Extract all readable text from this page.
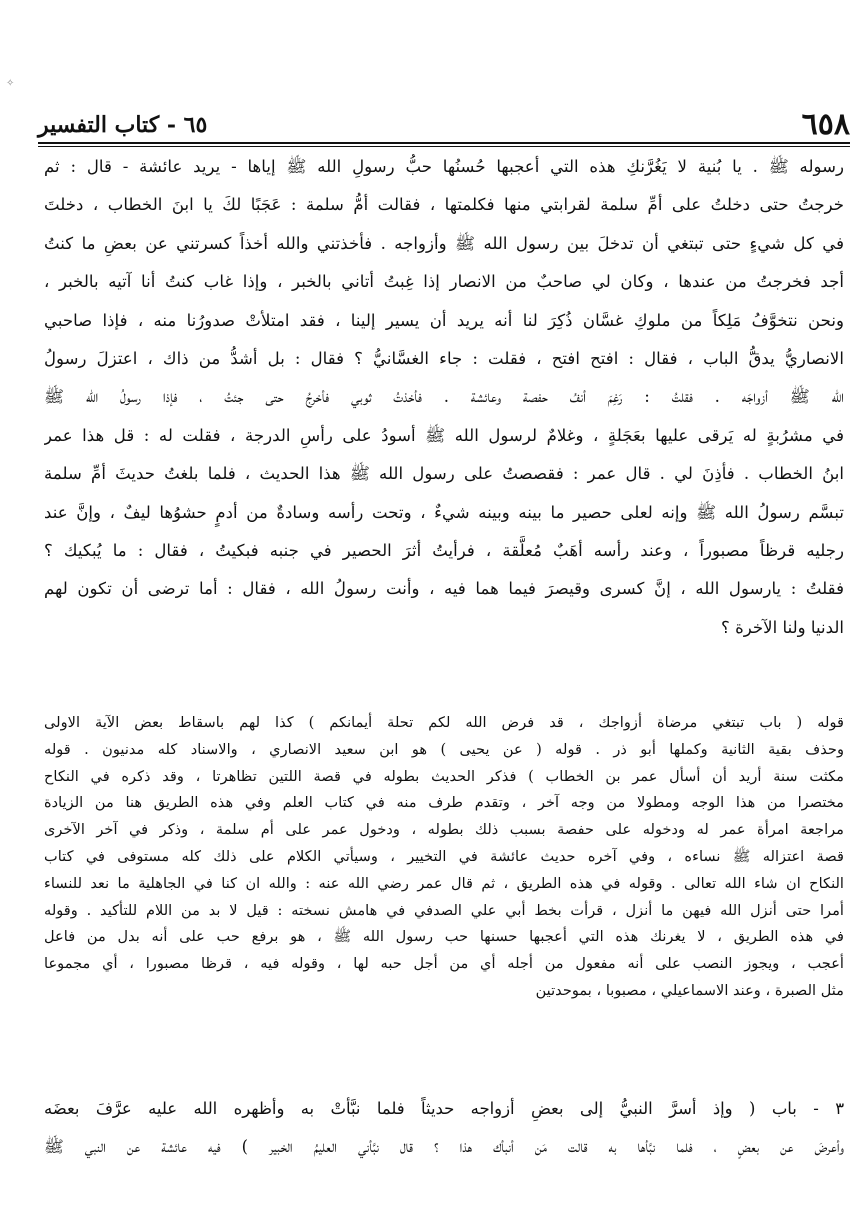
✧
٦٥٨
٦٥ - كتاب التفسير
رسوله ﷺ . يا بُنية لا يَغُرَّنكِ هذه التي أعجبها حُسنُها حبُّ رسولِ الله ﷺ إياها - يريد عائشة - قال : ثم
خرجتُ حتى دخلتُ على أمِّ سلمة لقرابتي منها فكلمتها ، فقالت أمُّ سلمة : عَجَبًا لكَ يا ابنَ الخطاب ، دخلتَ
في كل شيءٍ حتى تبتغي أن تدخلَ بين رسول الله ﷺ وأزواجه . فأخذتني والله أخذاً كسرتني عن بعضِ ما كنتُ
أجد فخرجتُ من عندها ، وكان لي صاحبٌ من الانصار إذا غِبتُ أتاني بالخبر ، وإذا غاب كنتُ أنا آتيه بالخبر ،
ونحن نتخوَّفُ مَلِكاً من ملوكِ غسَّان ذُكِرَ لنا أنه يريد أن يسير إلينا ، فقد امتلأتْ صدورُنا منه ، فإذا صاحبي
الانصاريُّ يدقُّ الباب ، فقال : افتح افتح ، فقلت : جاء الغسَّانيُّ ؟ فقال : بل أشدُّ من ذاك ، اعتزلَ رسولُ
الله ﷺ أزواجَه . فقلتُ : رَغِمَ أنفُ حفصة وعائشة . فأخذتُ ثوبي فأخرجُ حتى جئتُ ، فإذا رسولُ الله ﷺ
في مشرُبةٍ له يَرقى عليها بعَجَلةٍ ، وغلامٌ لرسول الله ﷺ أسودُ على رأسِ الدرجة ، فقلت له : قل هذا عمر
ابنُ الخطاب . فأذِنَ لي . قال عمر : فقصصتُ على رسول الله ﷺ هذا الحديث ، فلما بلغتُ حديثَ أمِّ سلمة
تبسَّم رسولُ الله ﷺ وإنه لعلى حصير ما بينه وبينه شيءٌ ، وتحت رأسه وسادةٌ من أدمٍ حشوُها ليفٌ ، وإنَّ عند
رجليه قرظاً مصبوراً ، وعند رأسه أهَبٌ مُعلَّقة ، فرأيتُ أثرَ الحصير في جنبه فبكيتُ ، فقال : ما يُبكيك ؟
فقلتُ : يارسول الله ، إنَّ كسرى وقيصرَ فيما هما فيه ، وأنت رسولُ الله ، فقال : أما ترضى أن تكون لهم
الدنيا ولنا الآخرة ؟
قوله ( باب تبتغي مرضاة أزواجك ، قد فرض الله لكم تحلة أيمانكم ) كذا لهم باسقاط بعض الآية الاولى
وحذف بقية الثانية وكملها أبو ذر . قوله ( عن يحيى ) هو ابن سعيد الانصاري ، والاسناد كله مدنيون . قوله
مكثت سنة أريد أن أسأل عمر بن الخطاب ) فذكر الحديث بطوله في قصة اللتين تظاهرتا ، وقد ذكره في النكاح
مختصرا من هذا الوجه ومطولا من وجه آخر ، وتقدم طرف منه في كتاب العلم وفي هذه الطريق هنا من الزيادة
مراجعة امرأة عمر له ودخوله على حفصة بسبب ذلك بطوله ، ودخول عمر على أم سلمة ، وذكر في آخر الآخرى
قصة اعتزاله ﷺ نساءه ، وفي آخره حديث عائشة في التخيير ، وسيأتي الكلام على ذلك كله مستوفى في كتاب
النكاح ان شاء الله تعالى . وقوله في هذه الطريق ، ثم قال عمر رضي الله عنه : والله ان كنا في الجاهلية ما نعد للنساء
أمرا حتى أنزل الله فيهن ما أنزل ، قرأت بخط أبي علي الصدفي في هامش نسخته : قيل لا بد من اللام للتأكيد . وقوله
في هذه الطريق ، لا يغرنك هذه التي أعجبها حسنها حب رسول الله ﷺ ، هو برفع حب على أنه بدل من فاعل
أعجب ، ويجوز النصب على أنه مفعول من أجله أي من أجل حبه لها ، وقوله فيه ، قرظا مصبورا ، أي مجموعا
مثل الصبرة ، وعند الاسماعيلي ، مصبوبا ، بموحدتين
٣ - باب ( وإذ أسرَّ النبيُّ إلى بعضِ أزواجه حديثاً فلما نبَّأتْ به وأظهره الله عليه عرَّفَ بعضَه
وأعرضَ عن بعضٍ ، فلما نبَّأها به قالت مَن أنبأك هذا ؟ قال نبَّأني العليمُ الخبير ) فيه عائشة عن النبي ﷺ
